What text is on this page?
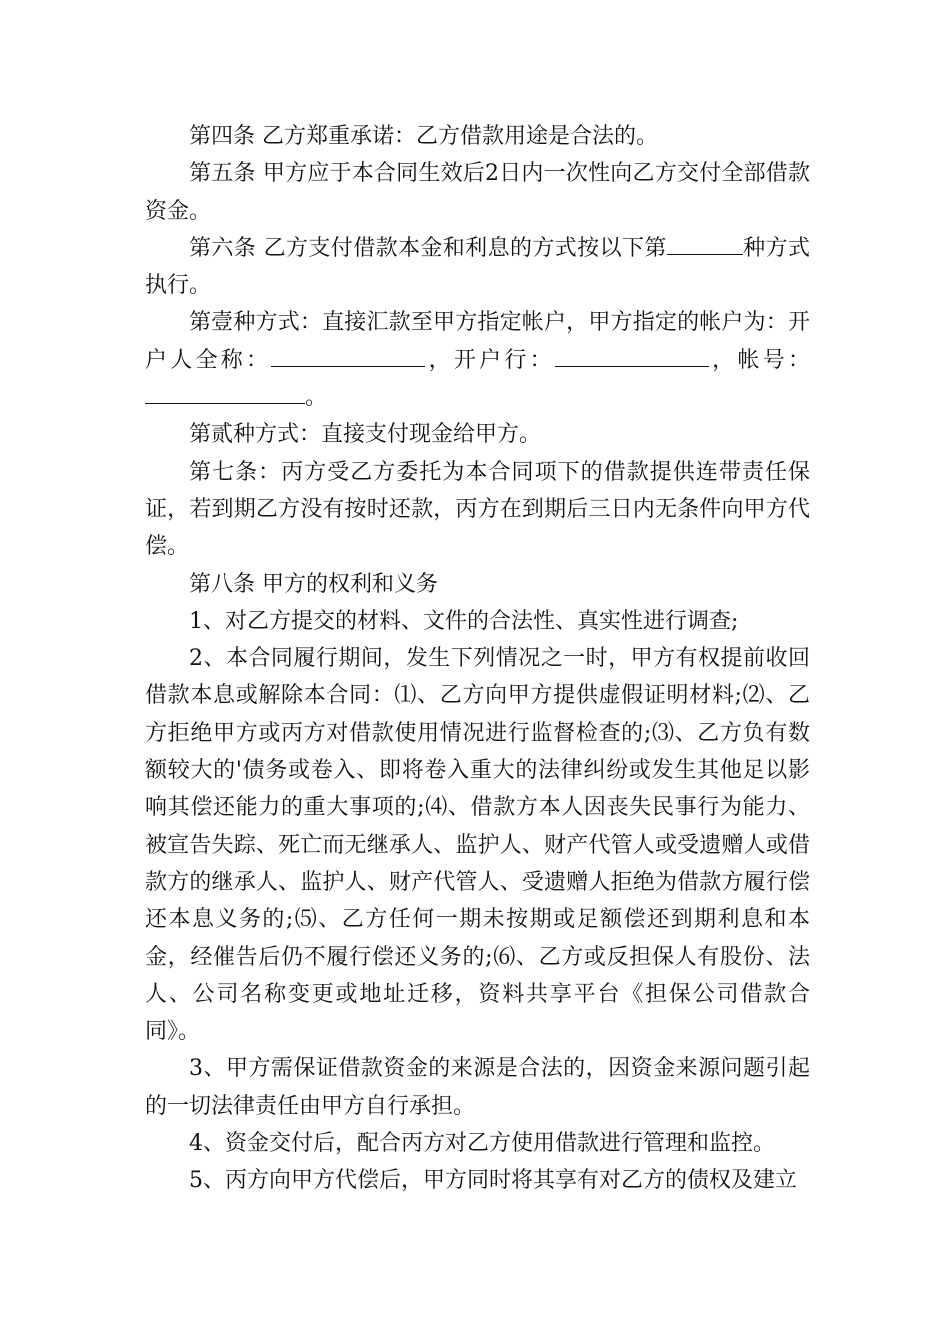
第四条 乙方郑重承诺：乙方借款用途是合法的。

第五条 甲方应于本合同生效后2日内一次性向乙方交付全部借款资金。

第六条 乙方支付借款本金和利息的方式按以下第	种方式执行。

第壹种方式：直接汇款至甲方指定帐户，甲方指定的帐户为：开户人全称：	，开户行：	，帐号：。

第贰种方式：直接支付现金给甲方。

第七条：丙方受乙方委托为本合同项下的借款提供连带责任保证，若到期乙方没有按时还款，丙方在到期后三日内无条件向甲方代偿。

第八条 甲方的权利和义务

1、对乙方提交的材料、文件的合法性、真实性进行调查;

2、本合同履行期间，发生下列情况之一时，甲方有权提前收回借款本息或解除本合同：⑴、乙方向甲方提供虚假证明材料;⑵、乙方拒绝甲方或丙方对借款使用情况进行监督检查的;⑶、乙方负有数额较大的'债务或卷入、即将卷入重大的法律纠纷或发生其他足以影响其偿还能力的重大事项的;⑷、借款方本人因丧失民事行为能力、被宣告失踪、死亡而无继承人、监护人、财产代管人或受遗赠人或借款方的继承人、监护人、财产代管人、受遗赠人拒绝为借款方履行偿还本息义务的;⑸、乙方任何一期未按期或足额偿还到期利息和本金，经催告后仍不履行偿还义务的;⑹、乙方或反担保人有股份、法人、公司名称变更或地址迁移，资料共享平台《担保公司借款合同》。

3、甲方需保证借款资金的来源是合法的，因资金来源问题引起的一切法律责任由甲方自行承担。

4、资金交付后，配合丙方对乙方使用借款进行管理和监控。

5、丙方向甲方代偿后，甲方同时将其享有对乙方的债权及建立
